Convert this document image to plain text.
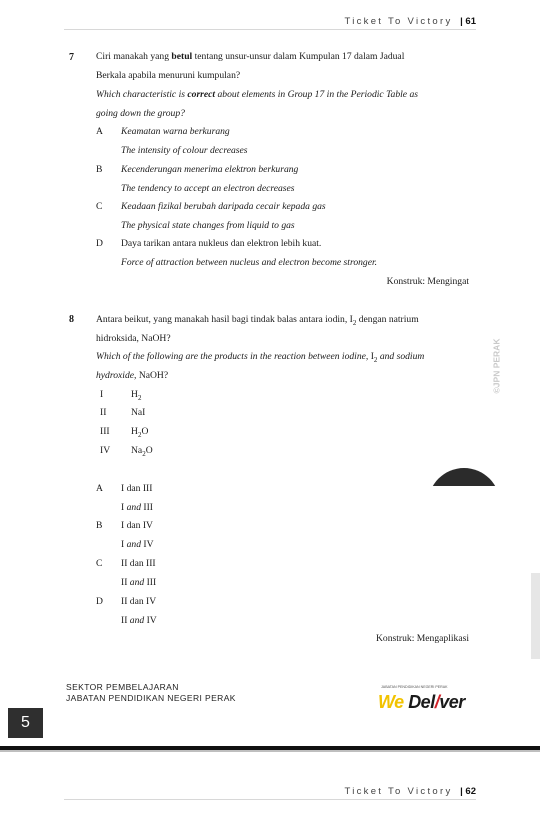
Ticket To Victory  | 61
7 Ciri manakah yang betul tentang unsur-unsur dalam Kumpulan 17 dalam Jadual
Berkala apabila menuruni kumpulan?
Which characteristic is correct about elements in Group 17 in the Periodic Table as
going down the group?
A Keamatan warna berkurang
The intensity of colour decreases
B Kecenderungan menerima elektron berkurang
The tendency to accept an electron decreases
C Keadaan fizikal berubah daripada cecair kepada gas
The physical state changes from liquid to gas
D Daya tarikan antara nukleus dan elektron lebih kuat.
Force of attraction between nucleus and electron become stronger.
Konstruk: Mengingat
8 Antara beikut, yang manakah hasil bagi tindak balas antara iodin, $I_2$ dengan natrium
hidroksida, NaOH?
Which of the following are the products in the reaction between iodine, $I_2$ and sodium
hydroxide, NaOH?
I	$H_2$
II	NaI
III $H_2O$
IV $Na_2O$
A I dan III
I and III
B I dan IV
I and IV
C II dan III
II and III
D II dan IV
II and IV
Konstruk: Mengaplikasi
©JPN PERAK
SEKTOR PEMBELAJARAN
JABATAN PENDIDIKAN NEGERI PERAK
JABATAN PENDIDIKAN NEGERI PERAK
We Del/ver
5
Ticket To Victory  | 62
